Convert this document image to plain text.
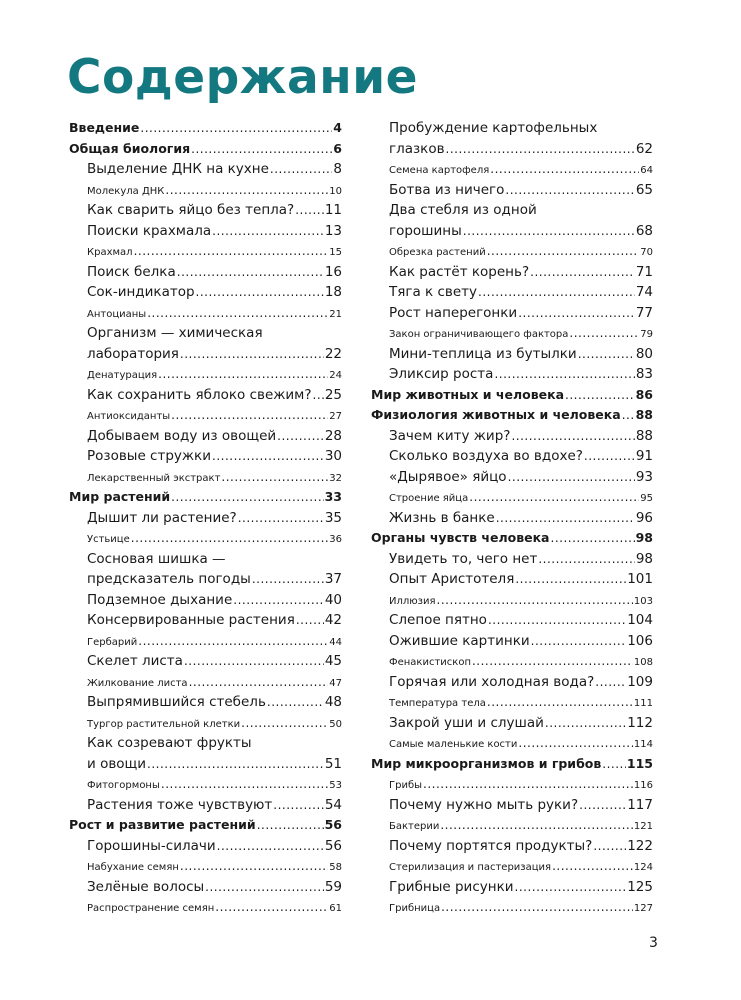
Содержание
Введение .....	4
Общая биология .....	6
Выделение ДНК на кухне .....	8
Молекула ДНК .....	10
Как сварить яйцо без тепла? ..... 11
Поиски крахмала .....	13
Крахмал .....	15
Поиск белка .....	16
Сок-индикатор .....	18
Антоцианы .....	21
Организм — химическая
лаборатория .....	22
Денатурация .....	24
Как сохранить яблоко свежим? ..... 25
Антиоксиданты .....	27
Добываем воду из овощей .....	28
Розовые стружки .....	30
Лекарственный экстракт .....	32
Мир растений .....	33
Дышит ли растение? .....	35
Устьице .....	36
Сосновая шишка —
предсказатель погоды .....	37
Подземное дыхание .....	40
Консервированные растения ..... 42
Гербарий .....	44
Скелет листа .....	45
Жилкование листа .....	47
Выпрямившийся стебель .....	48
Тургор растительной клетки .....	50
Как созревают фрукты
и овощи .....	51
Фитогормоны .....	53
Растения тоже чувствуют .....	54
Рост и развитие растений .....	56
Горошины-силачи .....	56
Набухание семян .....	58
Зелёные волосы .....	59
Распространение семян .....	61
Пробуждение картофельных
глазков .....	62
Семена картофеля .....	64
Ботва из ничего .....	65
Два стебля из одной
горошины .....	68
Обрезка растений .....	70
Как растёт корень? .....	71
Тяга к свету .....	74
Рост наперегонки .....	77
Закон ограничивающего фактора .....	79
Мини-теплица из бутылки .....	80
Эликсир роста .....	83
Мир животных и человека .....	86
Физиология животных и человека ..... 88
Зачем киту жир? .....	88
Сколько воздуха во вдохе? .....	91
«Дырявое» яйцо .....	93
Строение яйца .....	95
Жизнь в банке .....	96
Органы чувств человека .....	98
Увидеть то, чего нет .....	98
Опыт Аристотеля .....	101
Иллюзия .....	103
Слепое пятно .....	104
Ожившие картинки .....	106
Фенакистископ .....	108
Горячая или холодная вода? ..... 109
Температура тела .....	111
Закрой уши и слушай .....	112
Самые маленькие кости .....	114
Мир микроорганизмов и грибов ..... 115
Грибы .....	116
Почему нужно мыть руки? .....	117
Бактерии .....	121
Почему портятся продукты? .....	122
Стерилизация и пастеризация .....	124
Грибные рисунки .....	125
Грибница .....	127
3
